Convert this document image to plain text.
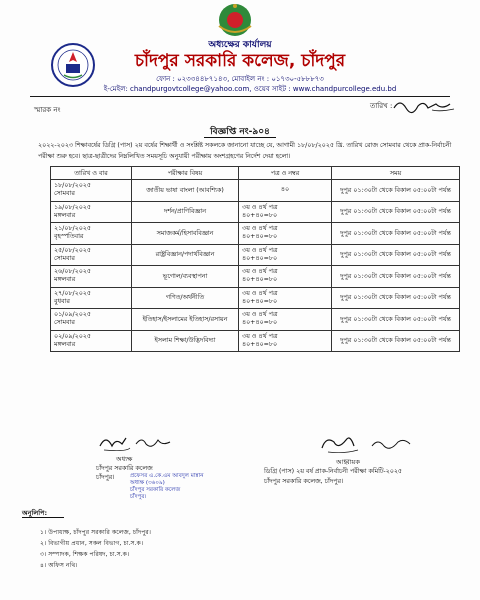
অধ্যক্ষের কার্যালয়
চাঁদপুর সরকারি কলেজ, চাঁদপুর
ফোন : ০২৩৩৪৪৮৭১৪৩, মোবাইল নং : ০১৭৩০-৫৮৮৮৭৩
ই-মেইল: chandpurgovtcollege@yahoo.com, ওয়েব সাইট : www.chandpurcollege.edu.bd
স্মারক নং	তারিখ :
বিজ্ঞপ্তি নং-৯০৪
২০২২-২০২৩ শিক্ষাবর্ষের ডিগ্রি (পাস) ২য় বর্ষের শিক্ষার্থী ও সংশ্লিষ্ট সকলকে জানানো যাচ্ছে যে, আগামী ১৮/০৮/২০২৫ খ্রি. তারিখ রোজ সোমবার থেকে প্রাক-নির্বাচনী পরীক্ষা শুরু হবে। ছাত্র-ছাত্রীদের নিম্নলিখিত সময়সূচি অনুযায়ী পরীক্ষায় অংশগ্রহণের নির্দেশ দেয়া হলো।
তারিখ ও বার	পরীক্ষার বিষয়	পত্র ও নম্বর	সময়

১৮/০৮/২০২৫
সোমবার	জাতীয় ভাষা বাংলা (আবশ্যিক)	৪০	দুপুর ০১:৩০টা থেকে বিকাল ০৫:০০টা পর্যন্ত

১৯/০৮/২০২৫
মঙ্গলবার	দর্শন/প্রাণিবিজ্ঞান	৩য় ও ৪র্থ পত্র
৪০+৪০=৮০	দুপুর ০১:৩০টা থেকে বিকাল ০৫:০০টা পর্যন্ত

২১/০৮/২০২৫
বৃহস্পতিবার	সমাজকর্ম/হিসাববিজ্ঞান	৩য় ও ৪র্থ পত্র
৪০+৪০=৮০	দুপুর ০১:৩০টা থেকে বিকাল ০৫:০০টা পর্যন্ত

২৫/০৮/২০২৫
সোমবার	রাষ্ট্রবিজ্ঞান/পদার্থবিজ্ঞান	৩য় ও ৪র্থ পত্র
৪০+৪০=৮০	দুপুর ০১:৩০টা থেকে বিকাল ০৫:০০টা পর্যন্ত

২৬/০৮/২০২৫
মঙ্গলবার	ভূগোল/ব্যবস্থাপনা	৩য় ও ৪র্থ পত্র
৪০+৪০=৮০	দুপুর ০১:৩০টা থেকে বিকাল ০৫:০০টা পর্যন্ত

২৭/০৮/২০২৫
বুধবার	গণিত/অর্থনীতি	৩য় ও ৪র্থ পত্র
৪০+৪০=৮০	দুপুর ০১:৩০টা থেকে বিকাল ০৫:০০টা পর্যন্ত

০১/০৯/২০২৫
সোমবার	ইতিহাস/ইসলামের ইতিহাস/রসায়ন	৩য় ও ৪র্থ পত্র
৪০+৪০=৮০	দুপুর ০১:৩০টা থেকে বিকাল ০৫:০০টা পর্যন্ত

০২/০৯/২০২৫
মঙ্গলবার	ইসলাম শিক্ষা/উদ্ভিদবিদ্যা	৩য় ও ৪র্থ পত্র
৪০+৪০=৮০	দুপুর ০১:৩০টা থেকে বিকাল ০৫:০০টা পর্যন্ত
অধ্যক্ষ
চাঁদপুর সরকারি কলেজ
চাঁদপুর।	প্রফেসর এ.কে.এম আবদুল মান্নান
অধ্যক্ষ (৩৬০৯)
চাঁদপুর সরকারি কলেজ
চাঁদপুর।
আহ্বায়ক
ডিগ্রি (পাস) ২য় বর্ষ প্রাক-নির্বাচনী পরীক্ষা কমিটি-২০২৫
চাঁদপুর সরকারি কলেজ, চাঁদপুর।
অনুলিপি:
১। উপাধ্যক্ষ, চাঁদপুর সরকারি কলেজ, চাঁদপুর।
২। বিভাগীয় প্রধান, সকল বিভাগ, চা.স.ক।
৩। সম্পাদক, শিক্ষক পরিষদ, চা.স.ক।
৪। অফিস নথি।
